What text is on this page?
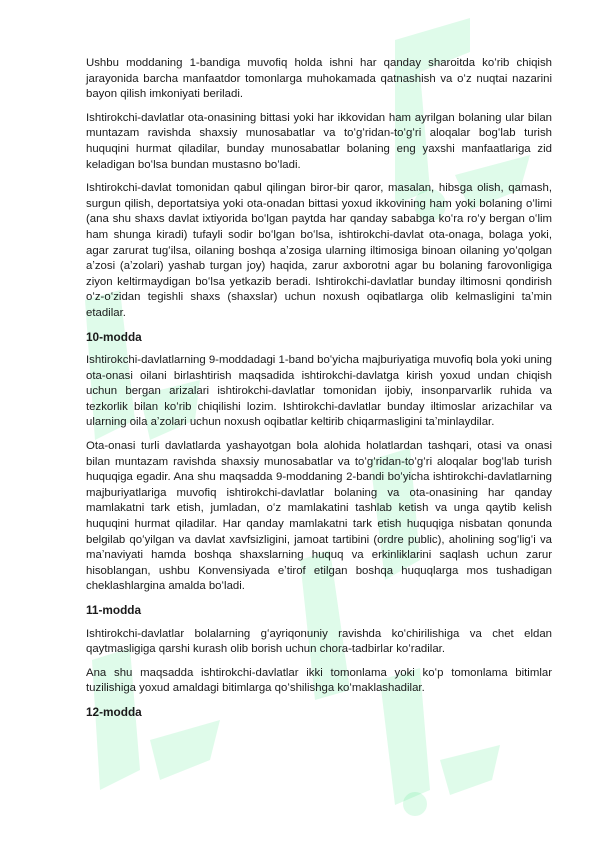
Ushbu moddaning 1-bandiga muvofiq holda ishni har qanday sharoitda koʻrib chiqish jarayonida barcha manfaatdor tomonlarga muhokamada qatnashish va oʻz nuqtai nazarini bayon qilish imkoniyati beriladi.

Ishtirokchi-davlatlar ota-onasining bittasi yoki har ikkovidan ham ayrilgan bolaning ular bilan muntazam ravishda shaxsiy munosabatlar va toʻgʻridan-toʻgʻri aloqalar bogʻlab turish huquqini hurmat qiladilar, bunday munosabatlar bolaning eng yaxshi manfaatlariga zid keladigan boʻlsa bundan mustasno boʻladi.

Ishtirokchi-davlat tomonidan qabul qilingan biror-bir qaror, masalan, hibsga olish, qamash, surgun qilish, deportatsiya yoki ota-onadan bittasi yoxud ikkovining ham yoki bolaning oʻlimi (ana shu shaxs davlat ixtiyorida boʻlgan paytda har qanday sababga koʻra roʻy bergan oʻlim ham shunga kiradi) tufayli sodir boʻlgan boʻlsa, ishtirokchi-davlat ota-onaga, bolaga yoki, agar zarurat tugʻilsa, oilaning boshqa aʼzosiga ularning iltimosiga binoan oilaning yoʻqolgan aʼzosi (aʼzolari) yashab turgan joy) haqida, zarur axborotni agar bu bolaning farovonligiga ziyon keltirmaydigan boʻlsa yetkazib beradi. Ishtirokchi-davlatlar bunday iltimosni qondirish oʻz-oʻzidan tegishli shaxs (shaxslar) uchun noxush oqibatlarga olib kelmasligini taʼmin etadilar.

10-modda

Ishtirokchi-davlatlarning 9-moddadagi 1-band boʻyicha majburiyatiga muvofiq bola yoki uning ota-onasi oilani birlashtirish maqsadida ishtirokchi-davlatga kirish yoxud undan chiqish uchun bergan arizalari ishtirokchi-davlatlar tomonidan ijobiy, insonparvarlik ruhida va tezkorlik bilan koʻrib chiqilishi lozim. Ishtirokchi-davlatlar bunday iltimoslar arizachilar va ularning oila aʼzolari uchun noxush oqibatlar keltirib chiqarmasligini taʼminlaydilar.

Ota-onasi turli davlatlarda yashayotgan bola alohida holatlardan tashqari, otasi va onasi bilan muntazam ravishda shaxsiy munosabatlar va toʻgʻridan-toʻgʻri aloqalar bogʻlab turish huquqiga egadir. Ana shu maqsadda 9-moddaning 2-bandi boʻyicha ishtirokchi-davlatlarning majburiyatlariga muvofiq ishtirokchi-davlatlar bolaning va ota-onasining har qanday mamlakatni tark etish, jumladan, oʻz mamlakatini tashlab ketish va unga qaytib kelish huquqini hurmat qiladilar. Har qanday mamlakatni tark etish huquqiga nisbatan qonunda belgilab qoʻyilgan va davlat xavfsizligini, jamoat tartibini (ordre public), aholining sogʻligʻi va maʼnaviyati hamda boshqa shaxslarning huquq va erkinliklarini saqlash uchun zarur hisoblangan, ushbu Konvensiyada eʼtirof etilgan boshqa huquqlarga mos tushadigan cheklashlargina amalda boʻladi.

11-modda

Ishtirokchi-davlatlar bolalarning gʻayriqonuniy ravishda koʻchirilishiga va chet eldan qaytmasligiga qarshi kurash olib borish uchun chora-tadbirlar koʻradilar.

Ana shu maqsadda ishtirokchi-davlatlar ikki tomonlama yoki koʻp tomonlama bitimlar tuzilishiga yoxud amaldagi bitimlarga qoʻshilishga koʻmaklashadilar.

12-modda
